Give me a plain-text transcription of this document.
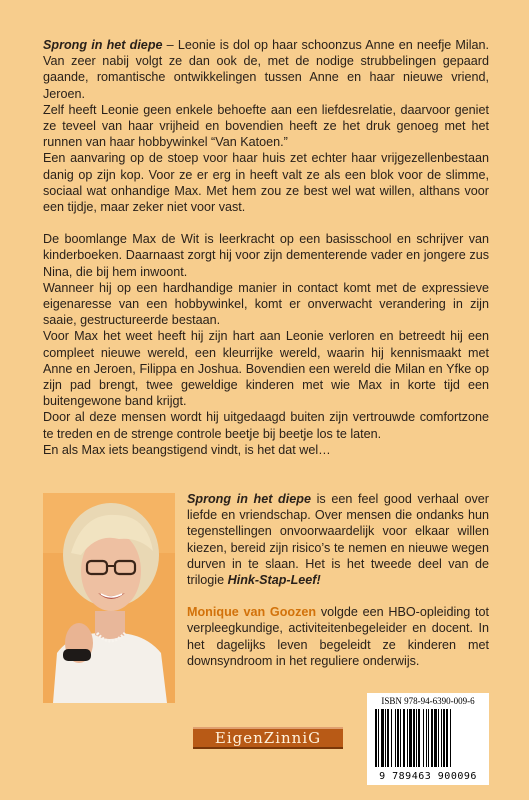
Sprong in het diepe – Leonie is dol op haar schoonzus Anne en neefje Milan. Van zeer nabij volgt ze dan ook de, met de nodige strubbelingen gepaard gaande, romantische ontwikkelingen tussen Anne en haar nieuwe vriend, Jeroen.

Zelf heeft Leonie geen enkele behoefte aan een liefdesrelatie, daarvoor geniet ze teveel van haar vrijheid en bovendien heeft ze het druk genoeg met het runnen van haar hobbywinkel “Van Katoen.”

Een aanvaring op de stoep voor haar huis zet echter haar vrijgezellenbestaan danig op zijn kop. Voor ze er erg in heeft valt ze als een blok voor de slimme, sociaal wat onhandige Max. Met hem zou ze best wel wat willen, althans voor een tijdje, maar zeker niet voor vast.

De boomlange Max de Wit is leerkracht op een basisschool en schrijver van kinderboeken. Daarnaast zorgt hij voor zijn dementerende vader en jongere zus Nina, die bij hem inwoont.

Wanneer hij op een hardhandige manier in contact komt met de expressieve eigenaresse van een hobbywinkel, komt er onverwacht verandering in zijn saaie, gestructureerde bestaan.

Voor Max het weet heeft hij zijn hart aan Leonie verloren en betreedt hij een compleet nieuwe wereld, een kleurrijke wereld, waarin hij kennismaakt met Anne en Jeroen, Filippa en Joshua. Bovendien een wereld die Milan en Yfke op zijn pad brengt, twee geweldige kinderen met wie Max in korte tijd een buitengewone band krijgt.

Door al deze mensen wordt hij uitgedaagd buiten zijn vertrouwde comfortzone te treden en de strenge controle beetje bij beetje los te laten.

En als Max iets beangstigend vindt, is het dat wel…

Sprong in het diepe is een feel good verhaal over liefde en vriendschap. Over mensen die ondanks hun tegenstellingen onvoorwaardelijk voor elkaar willen kiezen, bereid zijn risico’s te nemen en nieuwe wegen durven in te slaan. Het is het tweede deel van de trilogie Hink-Stap-Leef!

Monique van Goozen volgde een HBO-opleiding tot verpleegkundige, activiteitenbegeleider en docent. In het dagelijks leven begeleidt ze kinderen met downsyndroom in het reguliere onderwijs.

EigenZinniG
ISBN 978-94-6390-009-6
9 789463 900096
